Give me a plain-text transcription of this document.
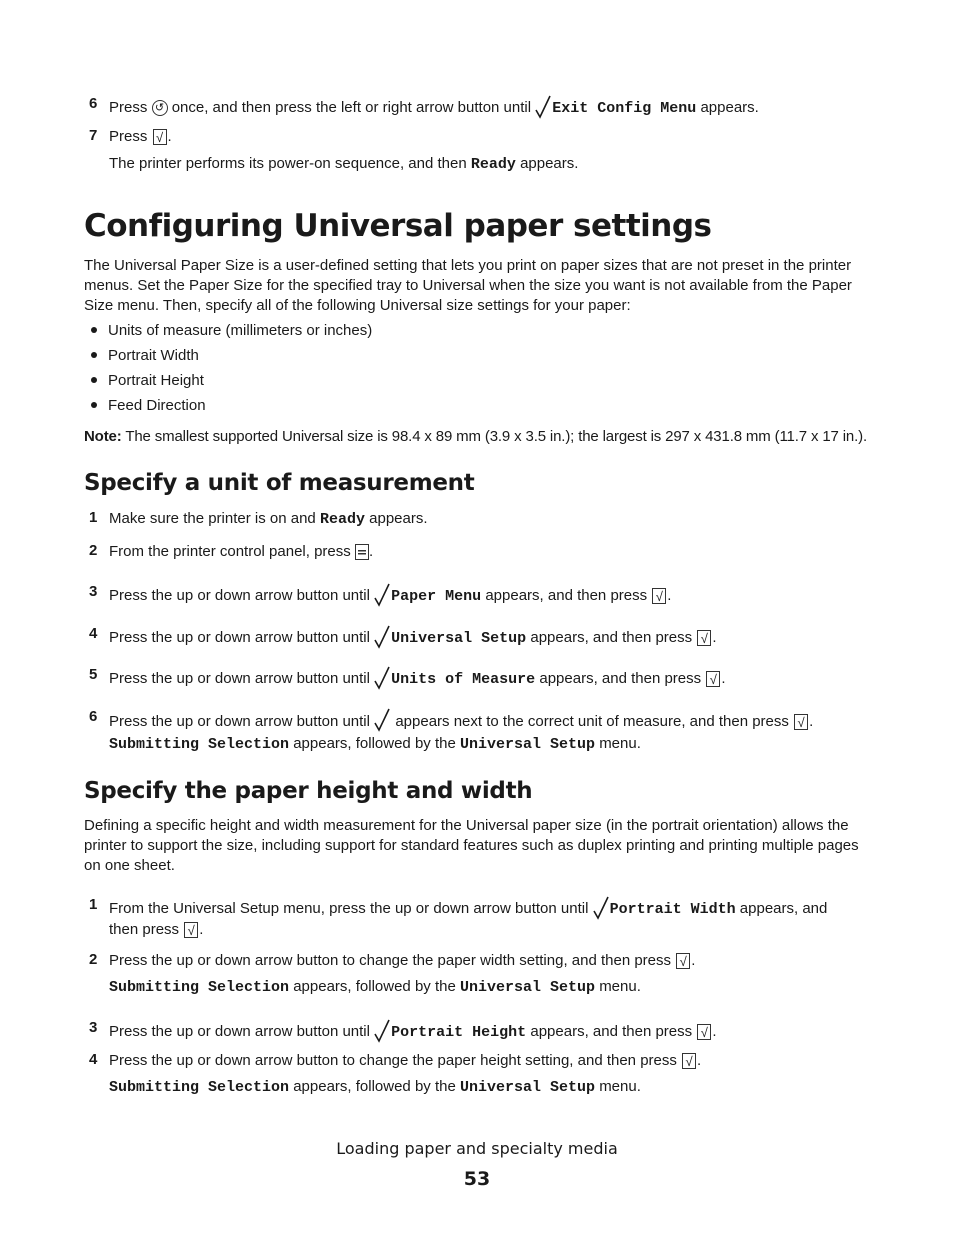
6 Press ↺ once, and then press the left or right arrow button until Exit Config Menu appears.
7 Press √ .
The printer performs its power-on sequence, and then Ready appears.
Configuring Universal paper settings
The Universal Paper Size is a user-defined setting that lets you print on paper sizes that are not preset in the printer menus. Set the Paper Size for the specified tray to Universal when the size you want is not available from the Paper Size menu. Then, specify all of the following Universal size settings for your paper:
Units of measure (millimeters or inches)
Portrait Width
Portrait Height
Feed Direction
Note: The smallest supported Universal size is 98.4 x 89 mm (3.9 x 3.5 in.); the largest is 297 x 431.8 mm (11.7 x 17 in.).
Specify a unit of measurement
1 Make sure the printer is on and Ready appears.
2 From the printer control panel, press .
3 Press the up or down arrow button until Paper Menu appears, and then press √ .
4 Press the up or down arrow button until Universal Setup appears, and then press √ .
5 Press the up or down arrow button until Units of Measure appears, and then press √ .
6 Press the up or down arrow button until appears next to the correct unit of measure, and then press √ .
Submitting Selection appears, followed by the Universal Setup menu.
Specify the paper height and width
Defining a specific height and width measurement for the Universal paper size (in the portrait orientation) allows the printer to support the size, including support for standard features such as duplex printing and printing multiple pages on one sheet.
1 From the Universal Setup menu, press the up or down arrow button until Portrait Width appears, and
then press √ .
2 Press the up or down arrow button to change the paper width setting, and then press √ .
Submitting Selection appears, followed by the Universal Setup menu.
3 Press the up or down arrow button until Portrait Height appears, and then press √ .
4 Press the up or down arrow button to change the paper height setting, and then press √ .
Submitting Selection appears, followed by the Universal Setup menu.
Loading paper and specialty media
53
